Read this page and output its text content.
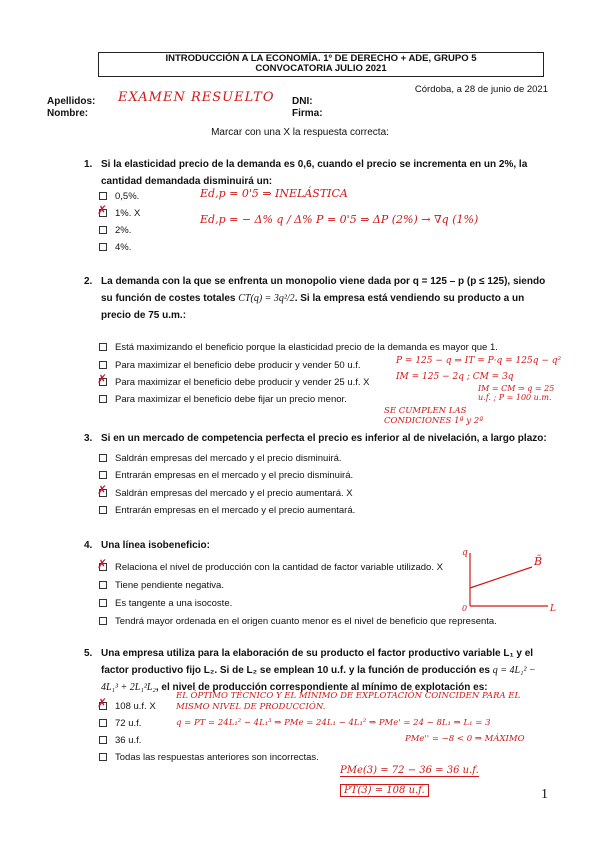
INTRODUCCIÓN A LA ECONOMÍA. 1º DE DERECHO + ADE, GRUPO 5
CONVOCATORIA JULIO 2021
Córdoba, a 28 de junio de 2021
Apellidos:
Nombre:
DNI:
Firma:
EXAMEN RESUELTO
Marcar con una X la respuesta correcta:
1. Si la elasticidad precio de la demanda es 0,6, cuando el precio se incrementa en un 2%, la cantidad demandada disminuirá un:
0,5%.
✗1%. X
2%.
4%.
Ed,p = 0'5 ⇒ INELÁSTICA
Ed,p = − Δ% q / Δ% P = 0'5 ⇒ ΔP (2%) → ∇q (1%)
2. La demanda con la que se enfrenta un monopolio viene dada por q = 125 – p (p ≤ 125), siendo su función de costes totales CT(q) = 3q²/2. Si la empresa está vendiendo su producto a un precio de 75 u.m.:
Está maximizando el beneficio porque la elasticidad precio de la demanda es mayor que 1.
Para maximizar el beneficio debe producir y vender 50 u.f.
✗Para maximizar el beneficio debe producir y vender 25 u.f. X
Para maximizar el beneficio debe fijar un precio menor.
P = 125 − q ⇒ IT = P·q = 125q − q²
IM = 125 − 2q ; CM = 3q
IM = CM ⇒ q = 25 u.f. ; P = 100 u.m.
SE CUMPLEN LAS CONDICIONES 1ª y 2ª
3. Si en un mercado de competencia perfecta el precio es inferior al de nivelación, a largo plazo:
Saldrán empresas del mercado y el precio disminuirá.
Entrarán empresas en el mercado y el precio disminuirá.
✗Saldrán empresas del mercado y el precio aumentará. X
Entrarán empresas en el mercado y el precio aumentará.
4. Una línea isobeneficio:
✗Relaciona el nivel de producción con la cantidad de factor variable utilizado. X
Tiene pendiente negativa.
Es tangente a una isocoste.
Tendrá mayor ordenada en el origen cuanto menor es el nivel de beneficio que representa.
q
L
B̄
0
5. Una empresa utiliza para la elaboración de su producto el factor productivo variable L₁ y el factor productivo fijo L₂. Si de L₂ se emplean 10 u.f. y la función de producción es q = 4L₁² − 4L₁³ + 2L₁²L₂, el nivel de producción correspondiente al mínimo de explotación es:
✗108 u.f. X
72 u.f.
36 u.f.
Todas las respuestas anteriores son incorrectas.
EL ÓPTIMO TÉCNICO Y EL MÍNIMO DE EXPLOTACIÓN COINCIDEN PARA EL MISMO NIVEL DE PRODUCCIÓN.
q = PT = 24L₁² − 4L₁³ ⇒ PMe = 24L₁ − 4L₁² ⇒ PMe' = 24 − 8L₁ ⇒ L₁ = 3
PMe'' = −8 < 0 ⇒ MÁXIMO
PMe(3) = 72 − 36 = 36 u.f.
PT(3) = 108 u.f.	1
